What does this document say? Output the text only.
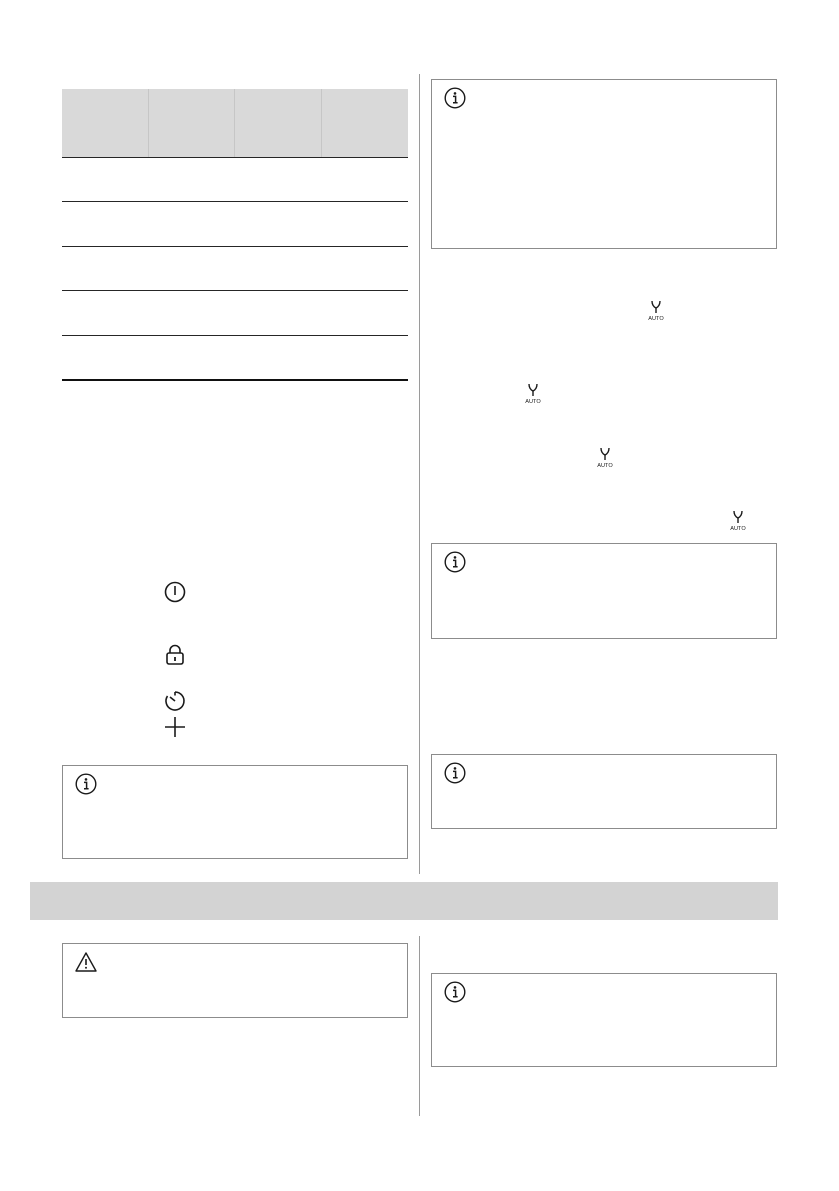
AUTO
AUTO
AUTO
AUTO
